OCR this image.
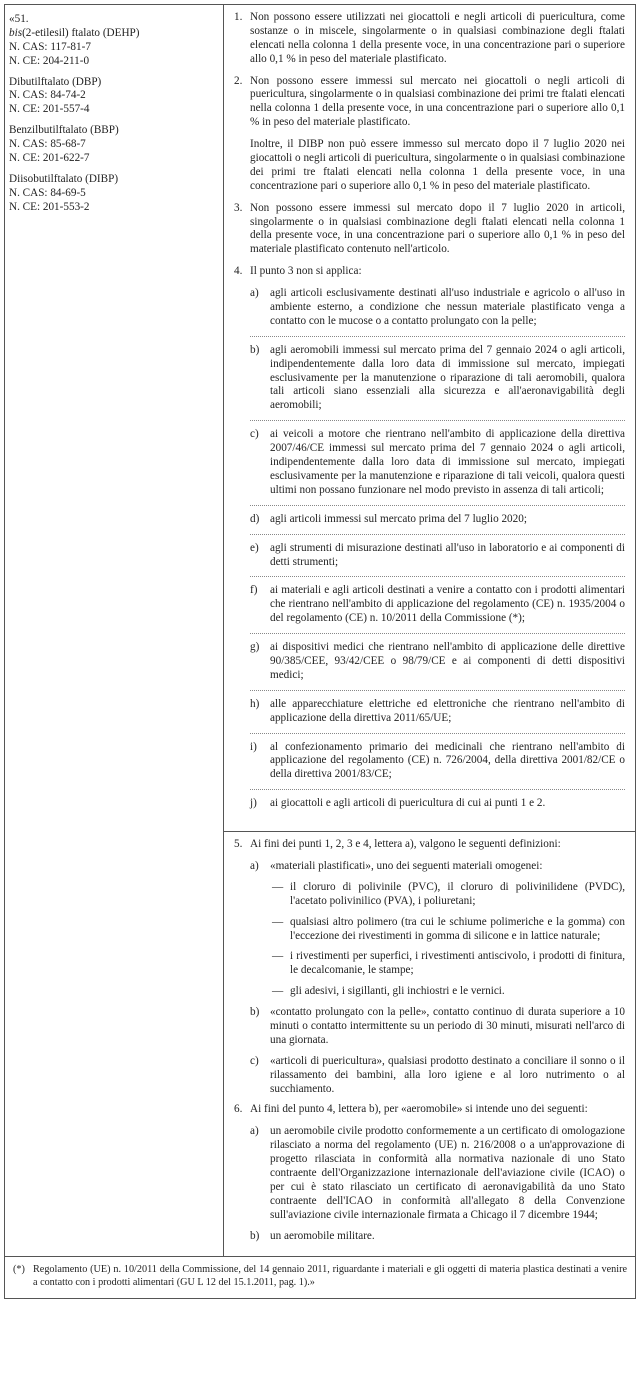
«51.

bis(2-etilesil) ftalato (DEHP)

N. CAS: 117-81-7

N. CE: 204-211-0

Dibutilftalato (DBP)

N. CAS: 84-74-2

N. CE: 201-557-4

Benzilbutilftalato (BBP)

N. CAS: 85-68-7

N. CE: 201-622-7

Diisobutilftalato (DIBP)

N. CAS: 84-69-5

N. CE: 201-553-2

1. Non possono essere utilizzati nei giocattoli e negli articoli di puericultura, come sostanze o in miscele, singolarmente o in qualsiasi combinazione degli ftalati elencati nella colonna 1 della presente voce, in una concentrazione pari o superiore allo 0,1 % in peso del materiale plastificato.
2. Non possono essere immessi sul mercato nei giocattoli o negli articoli di puericultura, singolarmente o in qualsiasi combinazione dei primi tre ftalati elencati nella colonna 1 della presente voce, in una concentrazione pari o superiore allo 0,1 % in peso del materiale plastificato.
Inoltre, il DIBP non può essere immesso sul mercato dopo il 7 luglio 2020 nei giocattoli o negli articoli di puericultura, singolarmente o in qualsiasi combinazione dei primi tre ftalati elencati nella colonna 1 della presente voce, in una concentrazione pari o superiore allo 0,1 % in peso del materiale plastificato.
3. Non possono essere immessi sul mercato dopo il 7 luglio 2020 in articoli, singolarmente o in qualsiasi combinazione degli ftalati elencati nella colonna 1 della presente voce, in una concentrazione pari o superiore allo 0,1 % in peso del materiale plastificato contenuto nell'articolo.
4. Il punto 3 non si applica:
a)	agli articoli esclusivamente destinati all'uso industriale e agricolo o all'uso in ambiente esterno, a condizione che nessun materiale plastificato venga a contatto con le mucose o a contatto prolungato con la pelle;
b) agli aeromobili immessi sul mercato prima del 7 gennaio 2024 o agli articoli, indipendentemente dalla loro data di immissione sul mercato, impiegati esclusivamente per la manutenzione o riparazione di tali aeromobili, qualora tali articoli siano essenziali alla sicurezza e all'aeronavigabilità degli aeromobili;
c)	ai veicoli a motore che rientrano nell'ambito di applicazione della direttiva 2007/46/CE immessi sul mercato prima del 7 gennaio 2024 o agli articoli, indipendentemente dalla loro data di immissione sul mercato, impiegati esclusivamente per la manutenzione e riparazione di tali veicoli, qualora questi ultimi non possano funzionare nel modo previsto in assenza di tali articoli;
d) agli articoli immessi sul mercato prima del 7 luglio 2020;
e)	agli strumenti di misurazione destinati all'uso in laboratorio e ai componenti di detti strumenti;
f)	ai materiali e agli articoli destinati a venire a contatto con i prodotti alimentari che rientrano nell'ambito di applicazione del regolamento (CE) n. 1935/2004 o del regolamento (CE) n. 10/2011 della Commissione (*);
g) ai dispositivi medici che rientrano nell'ambito di applicazione delle direttive 90/385/CEE, 93/42/CEE o 98/79/CE e ai componenti di detti dispositivi medici;
h) alle apparecchiature elettriche ed elettroniche che rientrano nell'ambito di applicazione della direttiva 2011/65/UE;
i)	al confezionamento primario dei medicinali che rientrano nell'ambito di applicazione del regolamento (CE) n. 726/2004, della direttiva 2001/82/CE o della direttiva 2001/83/CE;
j)	ai giocattoli e agli articoli di puericultura di cui ai punti 1 e 2.
5. Ai fini dei punti 1, 2, 3 e 4, lettera a), valgono le seguenti definizioni:
a)	«materiali plastificati», uno dei seguenti materiali omogenei:
— il cloruro di polivinile (PVC), il cloruro di polivinilidene (PVDC), l'acetato polivinilico (PVA), i poliuretani;
— qualsiasi altro polimero (tra cui le schiume polimeriche e la gomma) con l'eccezione dei rivestimenti in gomma di silicone e in lattice naturale;
— i rivestimenti per superfici, i rivestimenti antiscivolo, i prodotti di finitura, le decalcomanie, le stampe;
— gli adesivi, i sigillanti, gli inchiostri e le vernici.
b) «contatto prolungato con la pelle», contatto continuo di durata superiore a 10 minuti o contatto intermittente su un periodo di 30 minuti, misurati nell'arco di una giornata.
c)	«articoli di puericultura», qualsiasi prodotto destinato a conciliare il sonno o il rilassamento dei bambini, alla loro igiene e al loro nutrimento o al succhiamento.
6. Ai fini del punto 4, lettera b), per «aeromobile» si intende uno dei seguenti:
a)	un aeromobile civile prodotto conformemente a un certificato di omologazione rilasciato a norma del regolamento (UE) n. 216/2008 o a un'approvazione di progetto rilasciata in conformità alla normativa nazionale di uno Stato contraente dell'Organizzazione internazionale dell'aviazione civile (ICAO) o per cui è stato rilasciato un certificato di aeronavigabilità da uno Stato contraente dell'ICAO in conformità all'allegato 8 della Convenzione sull'aviazione civile internazionale firmata a Chicago il 7 dicembre 1944;
b) un aeromobile militare.
(*) Regolamento (UE) n. 10/2011 della Commissione, del 14 gennaio 2011, riguardante i materiali e gli oggetti di materia plastica destinati a venire a contatto con i prodotti alimentari (GU L 12 del 15.1.2011, pag. 1).»
